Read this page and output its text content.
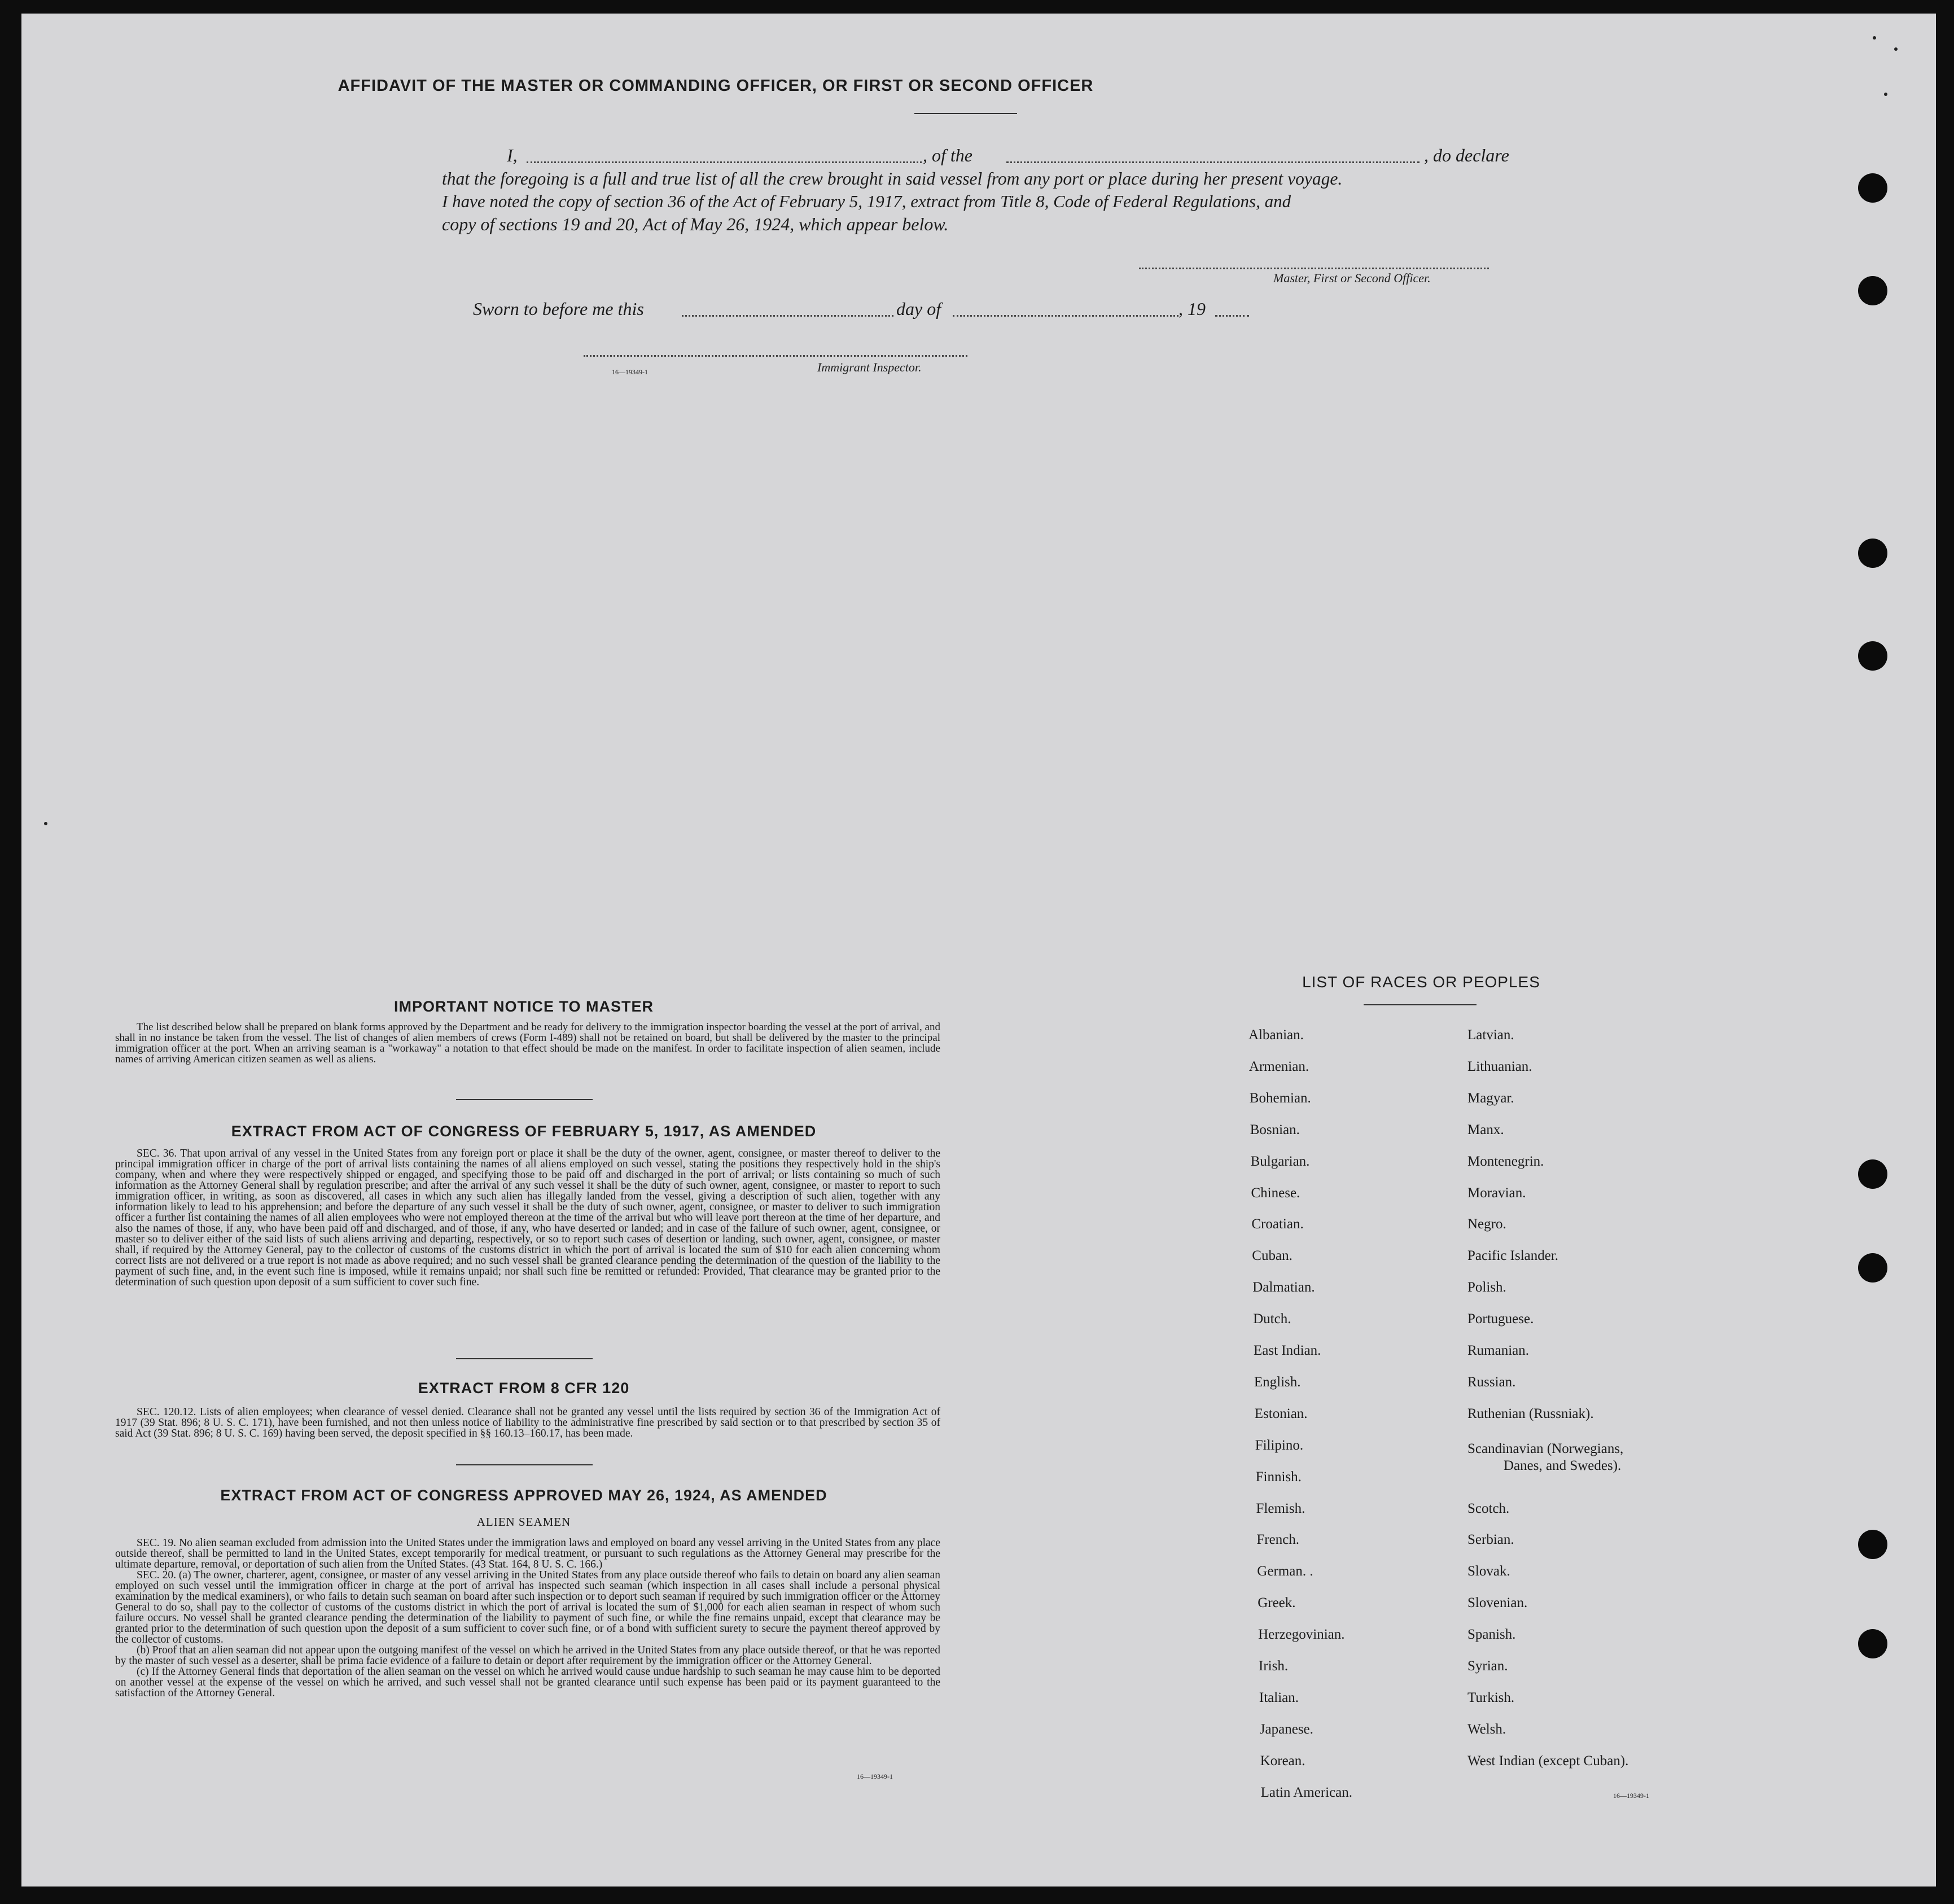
AFFIDAVIT OF THE MASTER OR COMMANDING OFFICER, OR FIRST OR SECOND OFFICER
I,	, of the	, do declare
that the foregoing is a full and true list of all the crew brought in said vessel from any port or place during her present voyage.
I have noted the copy of section 36 of the Act of February 5, 1917, extract from Title 8, Code of Federal Regulations, and
copy of sections 19 and 20, Act of May 26, 1924, which appear below.
Master, First or Second Officer.
Sworn to before me this	day of	, 19
16—19349-1	Immigrant Inspector.
IMPORTANT NOTICE TO MASTER
The list described below shall be prepared on blank forms approved by the Department and be ready for delivery to the immigration inspector boarding the vessel at the port of arrival, and shall in no instance be taken from the vessel. The list of changes of alien members of crews (Form I-489) shall not be retained on board, but shall be delivered by the master to the principal immigration officer at the port. When an arriving seaman is a "workaway" a notation to that effect should be made on the manifest. In order to facilitate inspection of alien seamen, include names of arriving American citizen seamen as well as aliens.
EXTRACT FROM ACT OF CONGRESS OF FEBRUARY 5, 1917, AS AMENDED
SEC. 36. That upon arrival of any vessel in the United States from any foreign port or place it shall be the duty of the owner, agent, consignee, or master thereof to deliver to the principal immigration officer in charge of the port of arrival lists containing the names of all aliens employed on such vessel, stating the positions they respectively hold in the ship's company, when and where they were respectively shipped or engaged, and specifying those to be paid off and discharged in the port of arrival; or lists containing so much of such information as the Attorney General shall by regulation prescribe; and after the arrival of any such vessel it shall be the duty of such owner, agent, consignee, or master to report to such immigration officer, in writing, as soon as discovered, all cases in which any such alien has illegally landed from the vessel, giving a description of such alien, together with any information likely to lead to his apprehension; and before the departure of any such vessel it shall be the duty of such owner, agent, consignee, or master to deliver to such immigration officer a further list containing the names of all alien employees who were not employed thereon at the time of the arrival but who will leave port thereon at the time of her departure, and also the names of those, if any, who have been paid off and discharged, and of those, if any, who have deserted or landed; and in case of the failure of such owner, agent, consignee, or master so to deliver either of the said lists of such aliens arriving and departing, respectively, or so to report such cases of desertion or landing, such owner, agent, consignee, or master shall, if required by the Attorney General, pay to the collector of customs of the customs district in which the port of arrival is located the sum of $10 for each alien concerning whom correct lists are not delivered or a true report is not made as above required; and no such vessel shall be granted clearance pending the determination of the question of the liability to the payment of such fine, and, in the event such fine is imposed, while it remains unpaid; nor shall such fine be remitted or refunded: Provided, That clearance may be granted prior to the determination of such question upon deposit of a sum sufficient to cover such fine.
EXTRACT FROM 8 CFR 120
SEC. 120.12. Lists of alien employees; when clearance of vessel denied. Clearance shall not be granted any vessel until the lists required by section 36 of the Immigration Act of 1917 (39 Stat. 896; 8 U. S. C. 171), have been furnished, and not then unless notice of liability to the administrative fine prescribed by said section or to that prescribed by section 35 of said Act (39 Stat. 896; 8 U. S. C. 169) having been served, the deposit specified in §§ 160.13–160.17, has been made.
EXTRACT FROM ACT OF CONGRESS APPROVED MAY 26, 1924, AS AMENDED
ALIEN SEAMEN

SEC. 19. No alien seaman excluded from admission into the United States under the immigration laws and employed on board any vessel arriving in the United States from any place outside thereof, shall be permitted to land in the United States, except temporarily for medical treatment, or pursuant to such regulations as the Attorney General may prescribe for the ultimate departure, removal, or deportation of such alien from the United States. (43 Stat. 164, 8 U. S. C. 166.)

SEC. 20. (a) The owner, charterer, agent, consignee, or master of any vessel arriving in the United States from any place outside thereof who fails to detain on board any alien seaman employed on such vessel until the immigration officer in charge at the port of arrival has inspected such seaman (which inspection in all cases shall include a personal physical examination by the medical examiners), or who fails to detain such seaman on board after such inspection or to deport such seaman if required by such immigration officer or the Attorney General to do so, shall pay to the collector of customs of the customs district in which the port of arrival is located the sum of $1,000 for each alien seaman in respect of whom such failure occurs. No vessel shall be granted clearance pending the determination of the liability to payment of such fine, or while the fine remains unpaid, except that clearance may be granted prior to the determination of such question upon the deposit of a sum sufficient to cover such fine, or of a bond with sufficient surety to secure the payment thereof approved by the collector of customs.

(b) Proof that an alien seaman did not appear upon the outgoing manifest of the vessel on which he arrived in the United States from any place outside thereof, or that he was reported by the master of such vessel as a deserter, shall be prima facie evidence of a failure to detain or deport after requirement by the immigration officer or the Attorney General.

(c) If the Attorney General finds that deportation of the alien seaman on the vessel on which he arrived would cause undue hardship to such seaman he may cause him to be deported on another vessel at the expense of the vessel on which he arrived, and such vessel shall not be granted clearance until such expense has been paid or its payment guaranteed to the satisfaction of the Attorney General.

16—19349-1
LIST OF RACES OR PEOPLES
16—19349-1
Albanian.
Armenian.
Bohemian.
Bosnian.
Bulgarian.
Chinese.
Croatian.
Cuban.
Dalmatian.
Dutch.
East Indian.
English.
Estonian.
Filipino.
Finnish.
Flemish.
French.
German. .
Greek.
Herzegovinian.
Irish.
Italian.
Japanese.
Korean.
Latin American.
Latvian.
Lithuanian.
Magyar.
Manx.
Montenegrin.
Moravian.
Negro.
Pacific Islander.
Polish.
Portuguese.
Rumanian.
Russian.
Ruthenian (Russniak).
Scandinavian (Norwegians,
Danes, and Swedes).
Scotch.
Serbian.
Slovak.
Slovenian.
Spanish.
Syrian.
Turkish.
Welsh.
West Indian (except Cuban).
